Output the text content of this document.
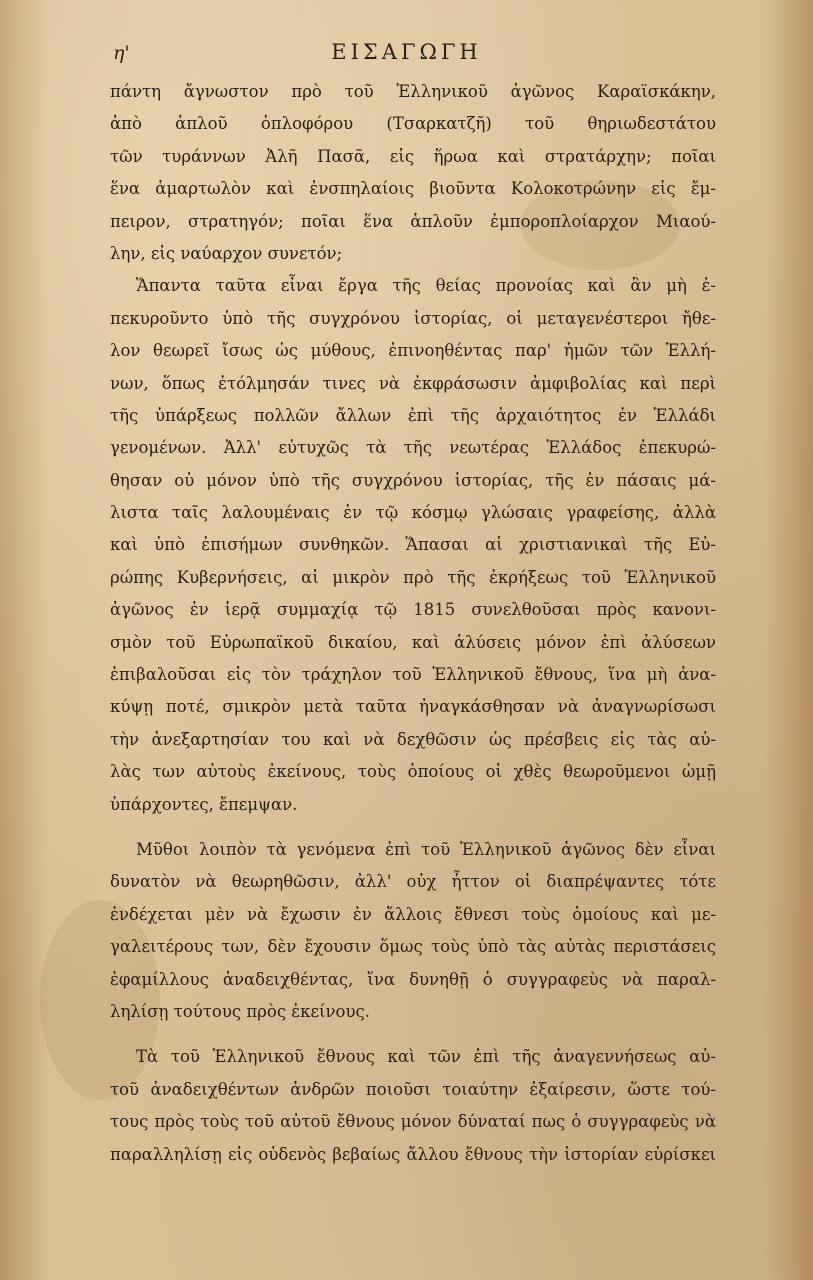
η'	ΕΙΣΑΓΩΓΗ

πάντη ἄγνωστον πρὸ τοῦ Ἑλληνικοῦ ἀγῶνος Καραϊσκάκην,
ἀπὸ ἁπλοῦ ὁπλοφόρου (Τσαρκατζῆ) τοῦ θηριωδεστάτου
τῶν τυράννων Ἀλῆ Πασᾶ, εἰς ἥρωα καὶ στρατάρχην; ποῖαι
ἕνα ἁμαρτωλὸν καὶ ἐνσπηλαίοις βιοῦντα Κολοκοτρώνην εἰς ἔμ-
πειρον, στρατηγόν; ποῖαι ἕνα ἁπλοῦν ἐμποροπλοίαρχον Μιαού-
λην, εἰς ναύαρχον συνετόν;

Ἅπαντα ταῦτα εἶναι ἔργα τῆς θείας προνοίας καὶ ἂν μὴ ἐ-
πεκυροῦντο ὑπὸ τῆς συγχρόνου ἱστορίας, οἱ μεταγενέστεροι ἤθε-
λον θεωρεῖ ἴσως ὡς μύθους, ἐπινοηθέντας παρ' ἡμῶν τῶν Ἑλλή-
νων, ὅπως ἐτόλμησάν τινες νὰ ἐκφράσωσιν ἀμφιβολίας καὶ περὶ
τῆς ὑπάρξεως πολλῶν ἄλλων ἐπὶ τῆς ἀρχαιότητος ἐν Ἑλλάδι
γενομένων. Ἀλλ' εὐτυχῶς τὰ τῆς νεωτέρας Ἑλλάδος ἐπεκυρώ-
θησαν οὐ μόνον ὑπὸ τῆς συγχρόνου ἱστορίας, τῆς ἐν πάσαις μά-
λιστα ταῖς λαλουμέναις ἐν τῷ κόσμῳ γλώσαις γραφείσης, ἀλλὰ
καὶ ὑπὸ ἐπισήμων συνθηκῶν. Ἅπασαι αἱ χριστιανικαὶ τῆς Εὐ-
ρώπης Κυβερνήσεις, αἱ μικρὸν πρὸ τῆς ἐκρήξεως τοῦ Ἑλληνικοῦ
ἀγῶνος ἐν ἱερᾷ συμμαχίᾳ τῷ 1815 συνελθοῦσαι πρὸς κανονι-
σμὸν τοῦ Εὐρωπαϊκοῦ δικαίου, καὶ ἁλύσεις μόνον ἐπὶ ἁλύσεων
ἐπιβαλοῦσαι εἰς τὸν τράχηλον τοῦ Ἑλληνικοῦ ἔθνους, ἵνα μὴ ἀνα-
κύψῃ ποτέ, σμικρὸν μετὰ ταῦτα ἠναγκάσθησαν νὰ ἀναγνωρίσωσι
τὴν ἀνεξαρτησίαν του καὶ νὰ δεχθῶσιν ὡς πρέσβεις εἰς τὰς αὐ-
λὰς των αὐτοὺς ἐκείνους, τοὺς ὁποίους οἱ χθὲς θεωροῦμενοι ὠμῇ
ὑπάρχοντες, ἔπεμψαν.

Μῦθοι λοιπὸν τὰ γενόμενα ἐπὶ τοῦ Ἑλληνικοῦ ἀγῶνος δὲν εἶναι
δυνατὸν νὰ θεωρηθῶσιν, ἀλλ' οὐχ ἧττον οἱ διαπρέψαντες τότε
ἐνδέχεται μὲν νὰ ἔχωσιν ἐν ἄλλοις ἔθνεσι τοὺς ὁμοίους καὶ με-
γαλειτέρους των, δὲν ἔχουσιν ὅμως τοὺς ὑπὸ τὰς αὐτὰς περιστάσεις
ἐφαμίλλους ἀναδειχθέντας, ἵνα δυνηθῇ ὁ συγγραφεὺς νὰ παραλ-
ληλίσῃ τούτους πρὸς ἐκείνους.

Τὰ τοῦ Ἑλληνικοῦ ἔθνους καὶ τῶν ἐπὶ τῆς ἀναγεννήσεως αὐ-
τοῦ ἀναδειχθέντων ἀνδρῶν ποιοῦσι τοιαύτην ἐξαίρεσιν, ὥστε τού-
τους πρὸς τοὺς τοῦ αὐτοῦ ἔθνους μόνον δύναταί πως ὁ συγγραφεὺς νὰ
παραλληλίσῃ εἰς οὐδενὸς βεβαίως ἄλλου ἔθνους τὴν ἱστορίαν εὑρίσκει
